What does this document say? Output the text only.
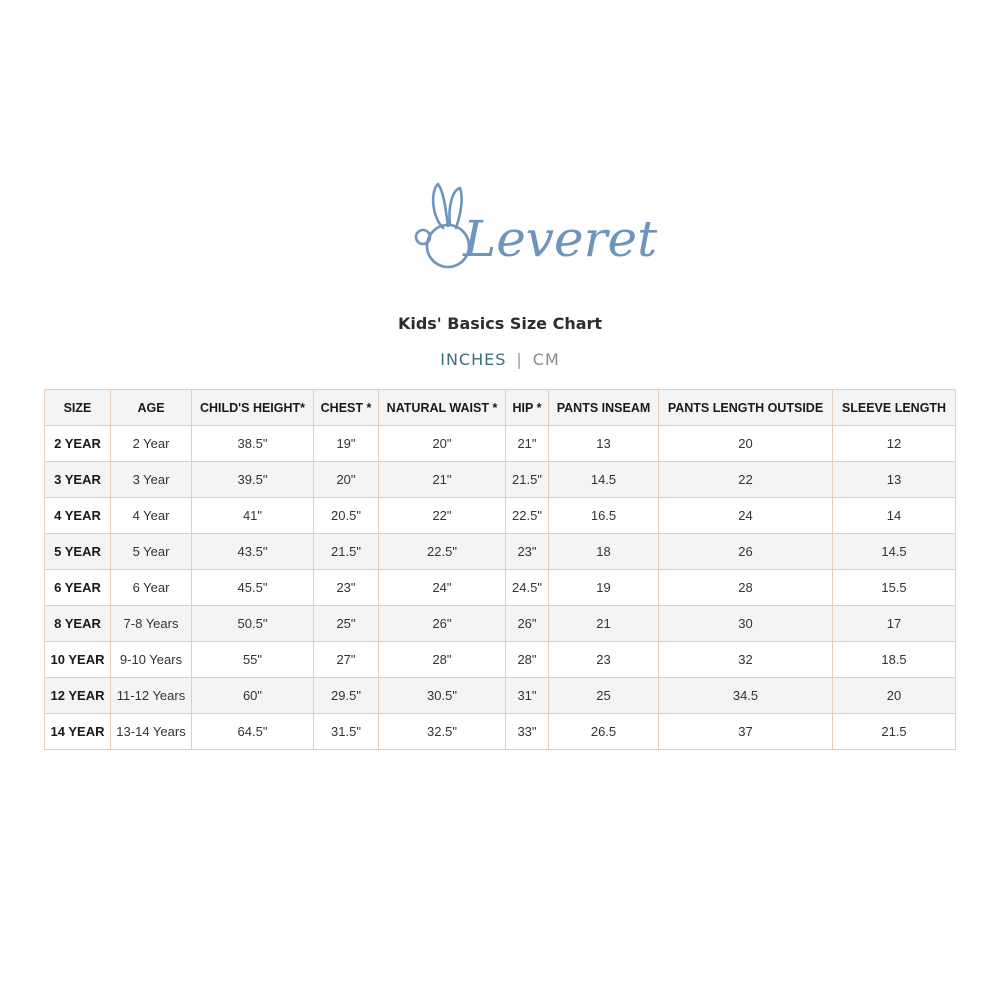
Leveret
Kids' Basics Size Chart
INCHES | CM
SIZE	AGE	CHILD'S HEIGHT*	CHEST *	NATURAL WAIST *	HIP *	PANTS INSEAM	PANTS LENGTH OUTSIDE	SLEEVE LENGTH
2 YEAR	2 Year	38.5"	19"	20"	21"	13	20	12
3 YEAR	3 Year	39.5"	20"	21"	21.5"	14.5	22	13
4 YEAR	4 Year	41"	20.5"	22"	22.5"	16.5	24	14
5 YEAR	5 Year	43.5"	21.5"	22.5"	23"	18	26	14.5
6 YEAR	6 Year	45.5"	23"	24"	24.5"	19	28	15.5
8 YEAR	7-8 Years	50.5"	25"	26"	26"	21	30	17
10 YEAR	9-10 Years	55"	27"	28"	28"	23	32	18.5
12 YEAR	11-12 Years	60"	29.5"	30.5"	31"	25	34.5	20
14 YEAR	13-14 Years	64.5"	31.5"	32.5"	33"	26.5	37	21.5
